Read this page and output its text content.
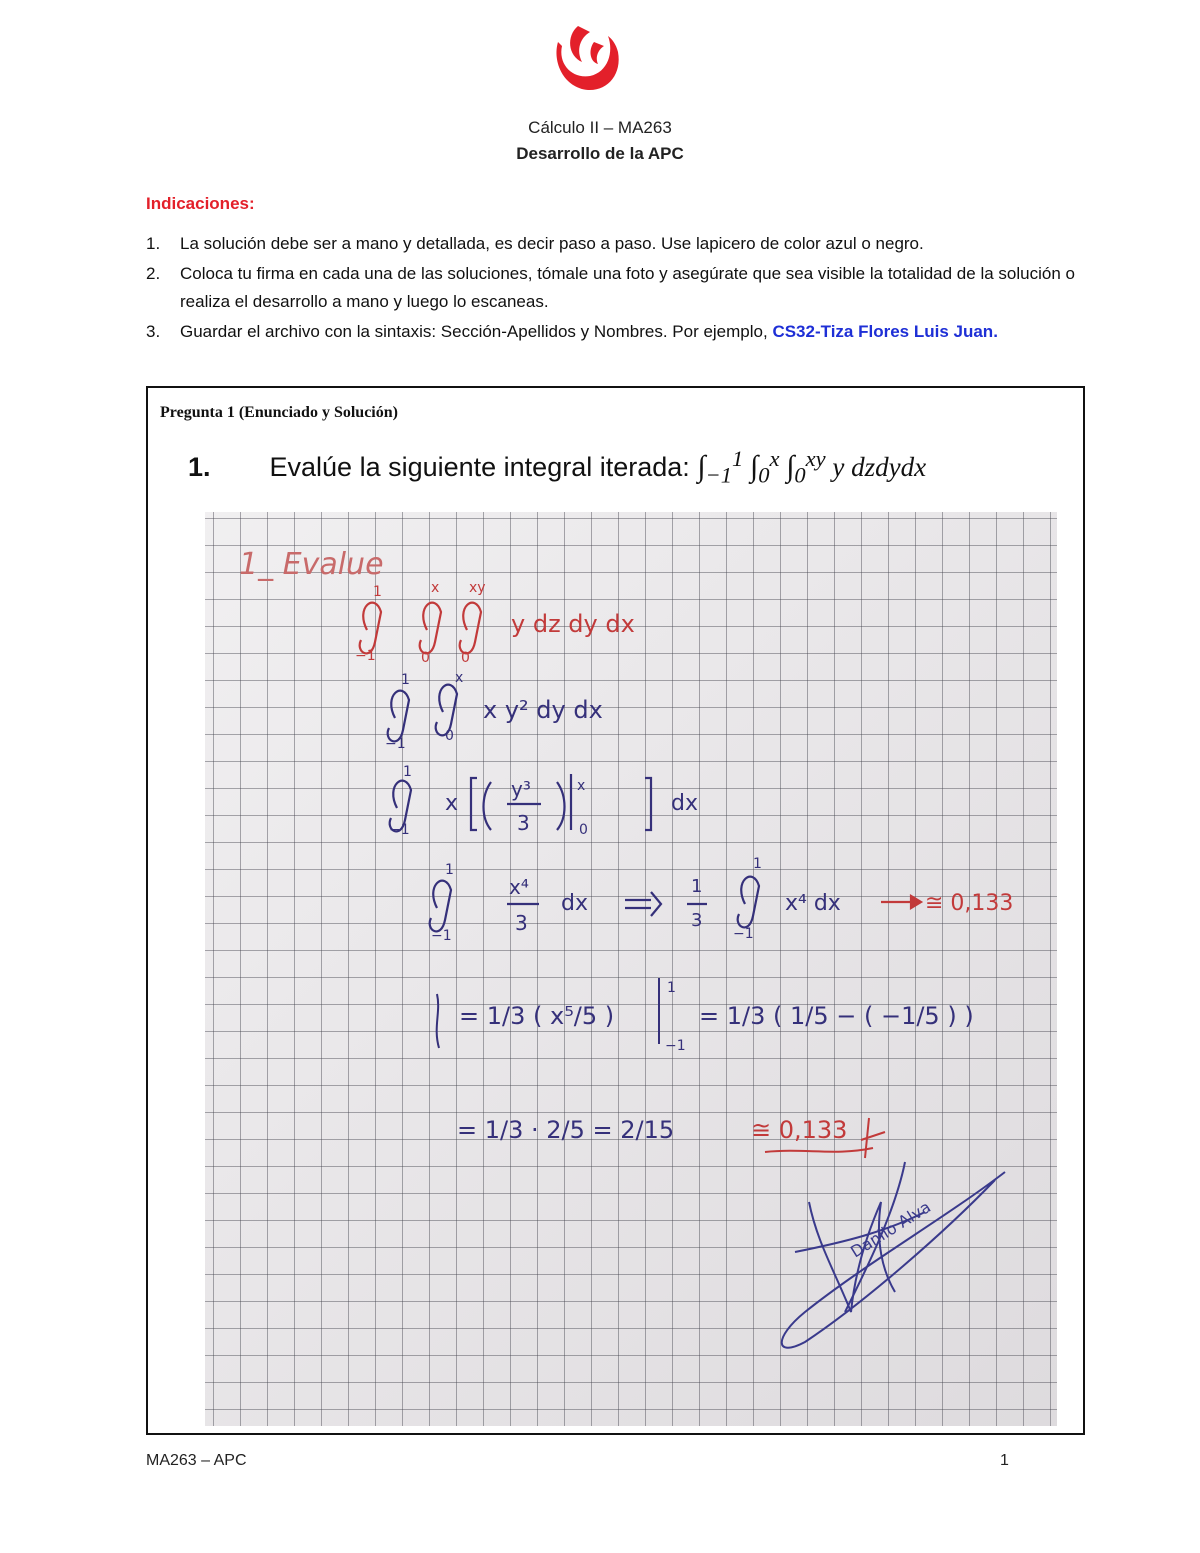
Cálculo II – MA263
Desarrollo de la APC
Indicaciones:
1. La solución debe ser a mano y detallada, es decir paso a paso. Use lapicero de color azul o negro.
2. Coloca tu firma en cada una de las soluciones, tómale una foto y asegúrate que sea visible la totalidad de la solución o realiza el desarrollo a mano y luego lo escaneas.
3. Guardar el archivo con la sintaxis: Sección-Apellidos y Nombres. Por ejemplo, CS32-Tiza Flores Luis Juan.
Pregunta 1 (Enunciado y Solución)
1. Evalúe la siguiente integral iterada: $\int_{-1}^1$ $\int_0^x$ $\int_0^{xy}$ y dzdydx
1_ Evalue
1
−1
x
0
xy
0
y dz dy dx
1
−1
x
0
x y² dy dx
1
−1
x
y³
3
x
0
dx
1
−1
x⁴
3
dx
1
3
1
−1
x⁴ dx	≅ 0,133
= 1/3 ( x⁵/5 )
1
−1
= 1/3 ( 1/5 − ( −1/5 ) )
= 1/3 · 2/5 = 2/15	≅ 0,133
Danilo Alva
MA263 – APC	1
